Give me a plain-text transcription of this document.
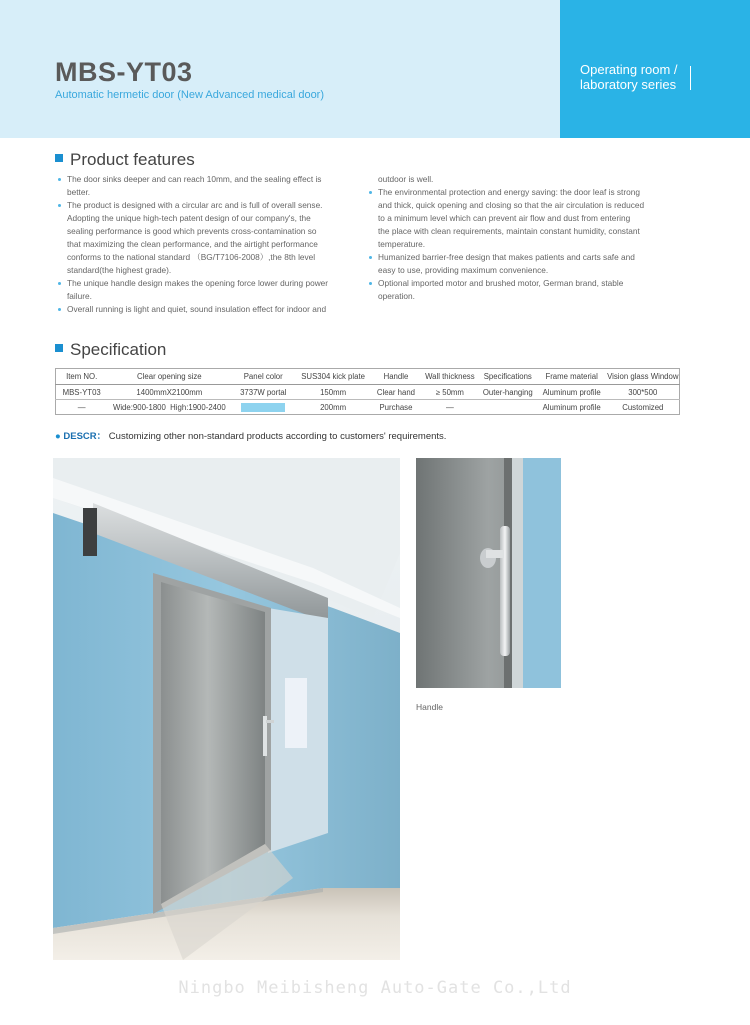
MBS-YT03
Automatic hermetic door (New Advanced medical door)
Operating room /
laboratory series
Product features
The door sinks deeper and can reach 10mm, and the sealing effect is
better.
The product is designed with a circular arc and is full of overall sense.
Adopting the unique high-tech patent design of our company's, the
sealing performance is good which prevents cross-contamination so
that maximizing the clean performance, and the airtight performance
conforms to the national standard （BG/T7106-2008）,the 8th level
standard(the highest grade).
The unique handle design makes the opening force lower during power
failure.
Overall running is light and quiet, sound insulation effect for indoor and
outdoor is well.
The environmental protection and energy saving: the door leaf is strong
and thick, quick opening and closing so that the air circulation is reduced
to a minimum level which can prevent air flow and dust from entering
the place with clean requirements, maintain constant humidity, constant
temperature.
Humanized barrier-free design that makes patients and carts safe and
easy to use, providing maximum convenience.
Optional imported motor and brushed motor, German brand, stable
operation.
Specification
Item NO.	Clear opening size	Panel color	SUS304 kick plate	Handle	Wall thickness	Specifications	Frame material	Vision glass Window
MBS-YT03	1400mmX2100mm	3737W portal	150mm	Clear hand	≥ 50mm	Outer-hanging	Aluminum profile	300*500
—	Wide:900-1800  High:1900-2400		200mm	Purchase	—		Aluminum profile	Customized
● DESCR： Customizing other non-standard products according to customers' requirements.
Handle
Ningbo Meibisheng Auto-Gate Co.,Ltd
